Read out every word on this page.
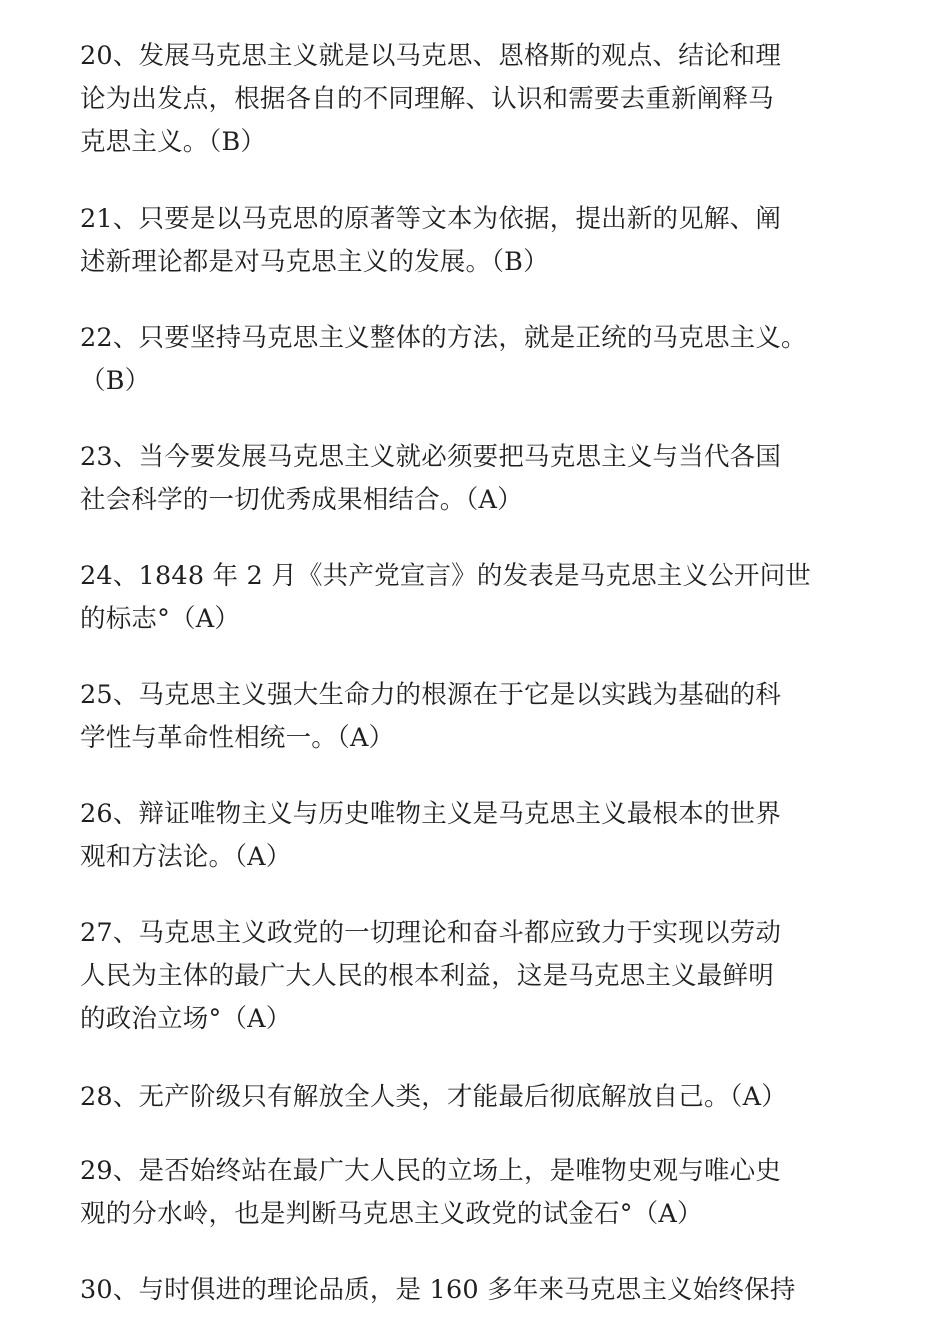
20、发展马克思主义就是以马克思、恩格斯的观点、结论和理
论为出发点，根据各自的不同理解、认识和需要去重新阐释马
克思主义。（B）
21、只要是以马克思的原著等文本为依据，提出新的见解、阐
述新理论都是对马克思主义的发展。（B）
22、只要坚持马克思主义整体的方法，就是正统的马克思主义。
（B）
23、当今要发展马克思主义就必须要把马克思主义与当代各国
社会科学的一切优秀成果相结合。（A）
24、1848 年 2 月《共产党宣言》的发表是马克思主义公开问世
的标志°（A）
25、马克思主义强大生命力的根源在于它是以实践为基础的科
学性与革命性相统一。（A）
26、辩证唯物主义与历史唯物主义是马克思主义最根本的世界
观和方法论。（A）
27、马克思主义政党的一切理论和奋斗都应致力于实现以劳动
人民为主体的最广大人民的根本利益，这是马克思主义最鲜明
的政治立场°（A）
28、无产阶级只有解放全人类，才能最后彻底解放自己。（A）
29、是否始终站在最广大人民的立场上，是唯物史观与唯心史
观的分水岭，也是判断马克思主义政党的试金石°（A）
30、与时俱进的理论品质，是 160 多年来马克思主义始终保持
